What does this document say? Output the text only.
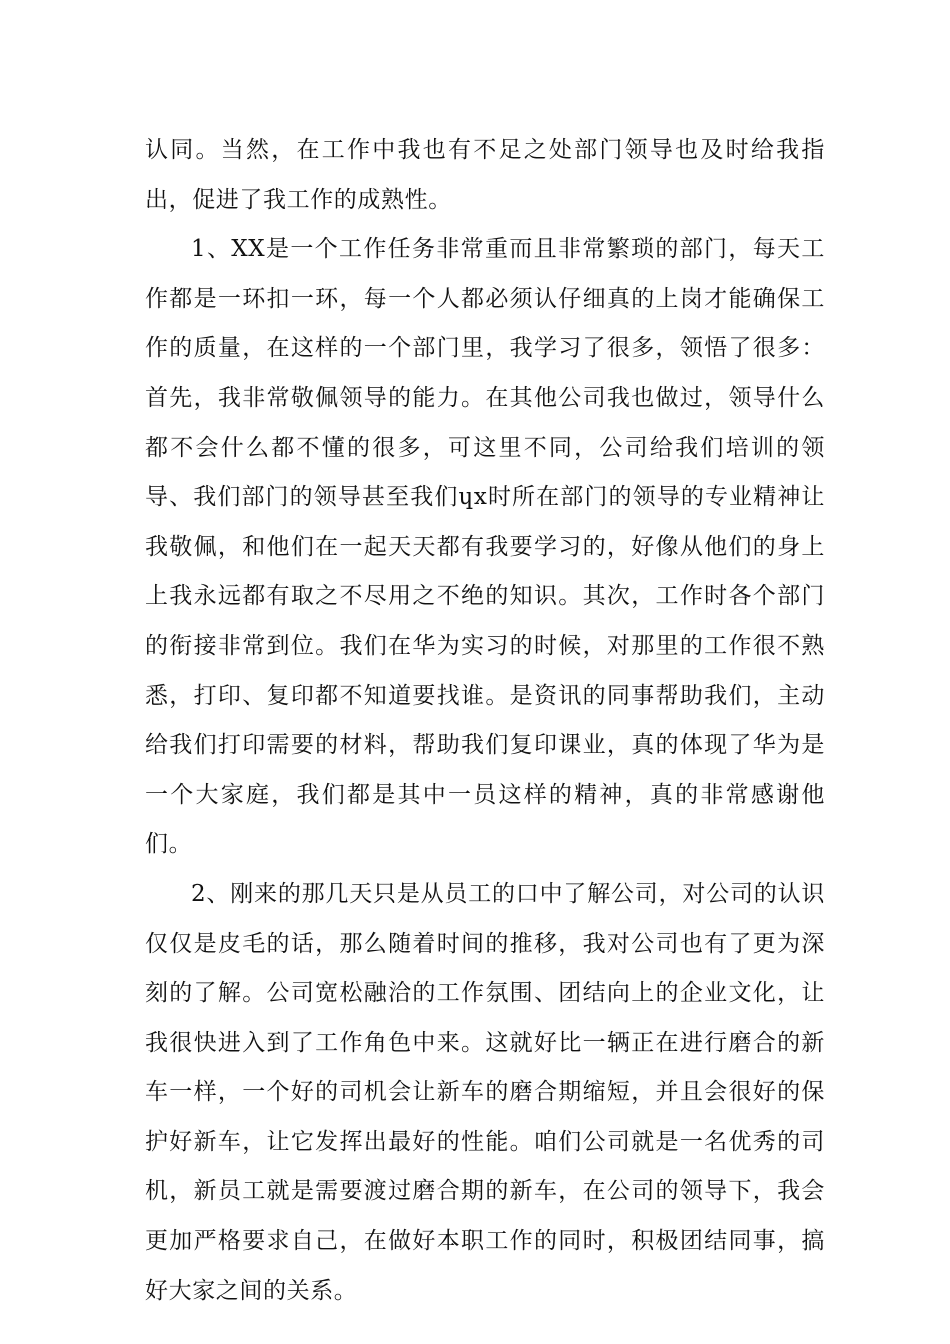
认同。当然，在工作中我也有不足之处部门领导也及时给我指出，促进了我工作的成熟性。

1、XX是一个工作任务非常重而且非常繁琐的部门，每天工作都是一环扣一环，每一个人都必须认仔细真的上岗才能确保工作的质量，在这样的一个部门里，我学习了很多，领悟了很多：首先，我非常敬佩领导的能力。在其他公司我也做过，领导什么都不会什么都不懂的很多，可这里不同，公司给我们培训的领导、我们部门的领导甚至我们ɥx时所在部门的领导的专业精神让我敬佩，和他们在一起天天都有我要学习的，好像从他们的身上上我永远都有取之不尽用之不绝的知识。其次，工作时各个部门的衔接非常到位。我们在华为实习的时候，对那里的工作很不熟悉，打印、复印都不知道要找谁。是资讯的同事帮助我们，主动给我们打印需要的材料，帮助我们复印课业，真的体现了华为是一个大家庭，我们都是其中一员这样的精神，真的非常感谢他们。

2、刚来的那几天只是从员工的口中了解公司，对公司的认识仅仅是皮毛的话，那么随着时间的推移，我对公司也有了更为深刻的了解。公司宽松融洽的工作氛围、团结向上的企业文化，让我很快进入到了工作角色中来。这就好比一辆正在进行磨合的新车一样，一个好的司机会让新车的磨合期缩短，并且会很好的保护好新车，让它发挥出最好的性能。咱们公司就是一名优秀的司机，新员工就是需要渡过磨合期的新车，在公司的领导下，我会更加严格要求自己，在做好本职工作的同时，积极团结同事，搞好大家之间的关系。
